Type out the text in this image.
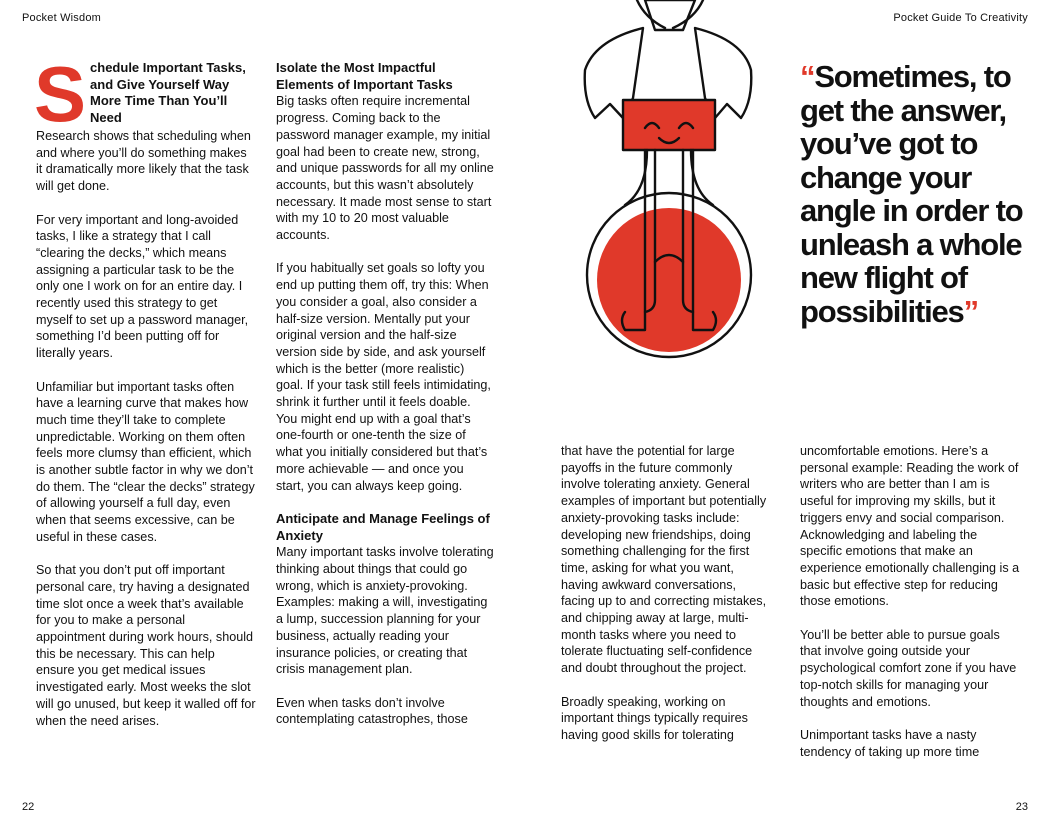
Pocket Wisdom	Pocket Guide To Creativity
S chedule Important Tasks, and Give Yourself Way More Time Than You’ll Need

Research shows that scheduling when and where you’ll do something makes it dramatically more likely that the task will get done.

For very important and long-avoided tasks, I like a strategy that I call “clearing the decks,” which means assigning a particular task to be the only one I work on for an entire day. I recently used this strategy to get myself to set up a password manager, something I’d been putting off for literally years.

Unfamiliar but important tasks often have a learning curve that makes how much time they’ll take to complete unpredictable. Working on them often feels more clumsy than efficient, which is another subtle factor in why we don’t do them. The “clear the decks” strategy of allowing yourself a full day, even when that seems excessive, can be useful in these cases.

So that you don’t put off important personal care, try having a designated time slot once a week that’s available for you to make a personal appointment during work hours, should this be necessary. This can help ensure you get medical issues investigated early. Most weeks the slot will go unused, but keep it walled off for when the need arises.

Isolate the Most Impactful Elements of Important Tasks

Big tasks often require incremental progress. Coming back to the password manager example, my initial goal had been to create new, strong, and unique passwords for all my online accounts, but this wasn’t absolutely necessary. It made most sense to start with my 10 to 20 most valuable accounts.

If you habitually set goals so lofty you end up putting them off, try this: When you consider a goal, also consider a half-size version. Mentally put your original version and the half-size version side by side, and ask yourself which is the better (more realistic) goal. If your task still feels intimidating, shrink it further until it feels doable. You might end up with a goal that’s one-fourth or one-tenth the size of what you initially considered but that’s more achievable — and once you start, you can always keep going.

Anticipate and Manage Feelings of Anxiety

Many important tasks involve tolerating thinking about things that could go wrong, which is anxiety-provoking. Examples: making a will, investigating a lump, succession planning for your business, actually reading your insurance policies, or creating that crisis management plan.

Even when tasks don’t involve contemplating catastrophes, those

“Sometimes, to get the answer, you’ve got to change your angle in order to unleash a whole new flight of possibilities”

that have the potential for large payoffs in the future commonly involve tolerating anxiety. General examples of important but potentially anxiety-provoking tasks include: developing new friendships, doing something challenging for the first time, asking for what you want, having awkward conversations, facing up to and correcting mistakes, and chipping away at large, multi-month tasks where you need to tolerate fluctuating self-confidence and doubt throughout the project.

Broadly speaking, working on important things typically requires having good skills for tolerating

uncomfortable emotions. Here’s a personal example: Reading the work of writers who are better than I am is useful for improving my skills, but it triggers envy and social comparison. Acknowledging and labeling the specific emotions that make an experience emotionally challenging is a basic but effective step for reducing those emotions.

You’ll be better able to pursue goals that involve going outside your psychological comfort zone if you have top-notch skills for managing your thoughts and emotions.

Unimportant tasks have a nasty tendency of taking up more time

22	23
